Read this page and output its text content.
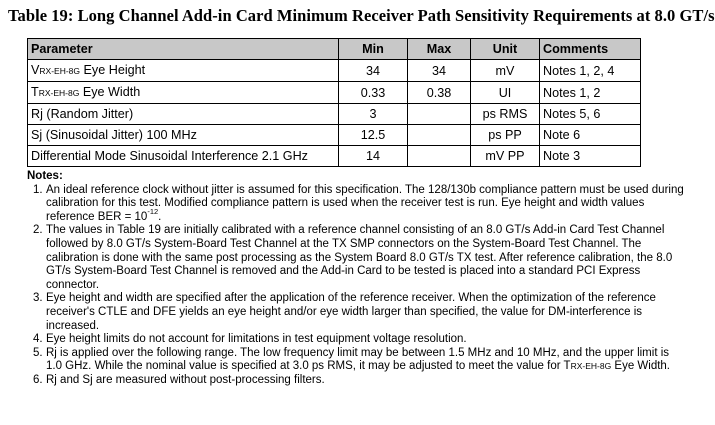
Table 19: Long Channel Add-in Card Minimum Receiver Path Sensitivity Requirements at 8.0 GT/s
Parameter	Min	Max	Unit	Comments
VRX-EH-8G Eye Height	34	34	mV	Notes 1, 2, 4
TRX-EH-8G Eye Width	0.33	0.38	UI	Notes 1, 2
Rj (Random Jitter)	3		ps RMS	Notes 5, 6
Sj (Sinusoidal Jitter) 100 MHz	12.5		ps PP	Note 6
Differential Mode Sinusoidal Interference 2.1 GHz	14		mV PP	Note 3
Notes:
1. An ideal reference clock without jitter is assumed for this specification. The 128/130b compliance pattern must be used during calibration for this test. Modified compliance pattern is used when the receiver test is run. Eye height and width values reference BER = $10^{-12}$.

2. The values in Table 19 are initially calibrated with a reference channel consisting of an 8.0 GT/s Add-in Card Test Channel followed by 8.0 GT/s System-Board Test Channel at the TX SMP connectors on the System-Board Test Channel. The calibration is done with the same post processing as the System Board 8.0 GT/s TX test. After reference calibration, the 8.0 GT/s System-Board Test Channel is removed and the Add-in Card to be tested is placed into a standard PCI Express connector.

3. Eye height and width are specified after the application of the reference receiver. When the optimization of the reference receiver's CTLE and DFE yields an eye height and/or eye width larger than specified, the value for DM-interference is increased.

4. Eye height limits do not account for limitations in test equipment voltage resolution.

5. Rj is applied over the following range. The low frequency limit may be between 1.5 MHz and 10 MHz, and the upper limit is 1.0 GHz. While the nominal value is specified at 3.0 ps RMS, it may be adjusted to meet the value for TRX-EH-8G Eye Width.

6. Rj and Sj are measured without post-processing filters.
